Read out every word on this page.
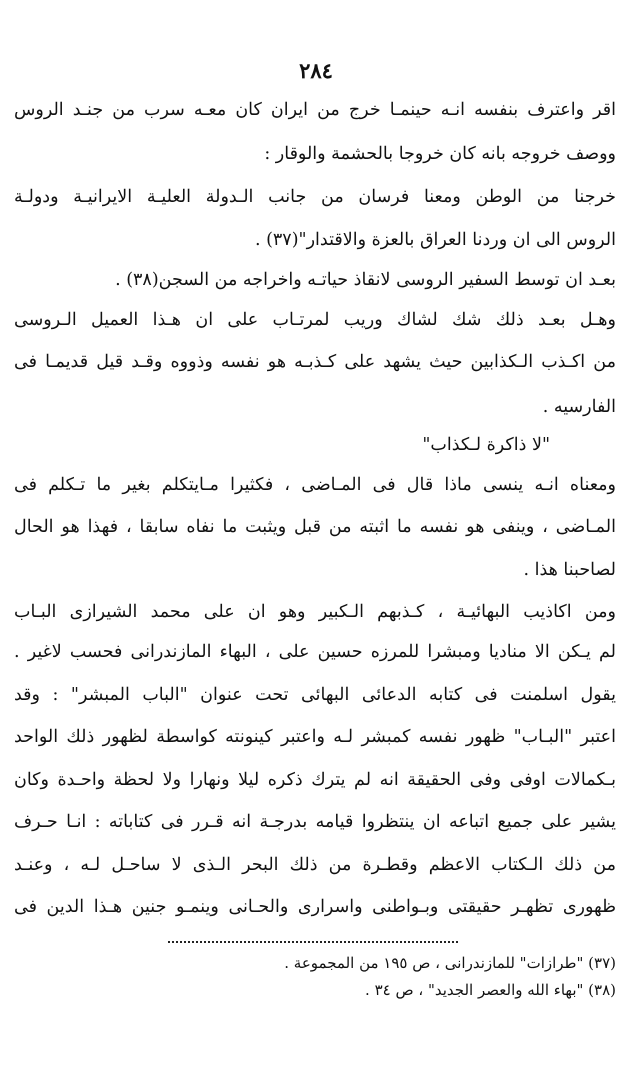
٢٨٤
اقر واعترف بنفسه انـه حينمـا خرج من ايران كان معـه سرب من جنـد الروس
ووصف خروجه بانه كان خروجا بالحشمة والوقار :
خرجنا من الوطن ومعنا فرسان من جانب الـدولة العليـة الايرانيـة ودولـة
الروس الى ان وردنا العراق بالعزة والاقتدار"(٣٧) .
بعـد ان توسط السفير الروسى لانقاذ حياتـه واخراجه من السجن(٣٨) .
وهـل بعـد ذلك شك لشاك وريب لمرتـاب على ان هـذا العميل الـروسى
من اكـذب الـكذابين حيث يشهد على كـذبـه هو نفسه وذووه وقـد قيل قديمـا فى
الفارسيه .
"لا ذاكرة لـكذاب"
ومعناه انـه ينسى ماذا قال فى المـاضى ، فكثيرا مـايتكلم بغير ما تـكلم فى
المـاضى ، وينفى هو نفسه ما اثبته من قبل ويثبت ما نفاه سابقا ، فهذا هو الحال
لصاحبنا هذا .
ومن اكاذيب البهائيـة ، كـذبهم الـكبير وهو ان على محمد الشيرازى البـاب
لم يـكن الا مناديا ومبشرا للمرزه حسين على ، البهاء المازندرانى فحسب لاغير .
يقول اسلمنت فى كتابه الدعائى البهائى تحت عنوان "الباب المبشر" : وقد
اعتبر "البـاب" ظهور نفسه كمبشر لـه واعتبر كينونته كواسطة لظهور ذلك الواحد
بـكمالات اوفى وفى الحقيقة انه لم يترك ذكره ليلا ونهارا ولا لحظة واحـدة وكان
يشير على جميع اتباعه ان ينتظروا قيامه بدرجـة انه قـرر فى كتاباته : انـا حـرف
من ذلك الـكتاب الاعظم وقطـرة من ذلك البحر الـذى لا ساحـل لـه ، وعنـد
ظهورى تظهـر حقيقتى وبـواطنى واسرارى والحـانى وينمـو جنين هـذا الدين فى
(٣٧) "طرازات" للمازندرانى ، ص ١٩٥ من المجموعة .
(٣٨) "بهاء الله والعصر الجديد" ، ص ٣٤ .
